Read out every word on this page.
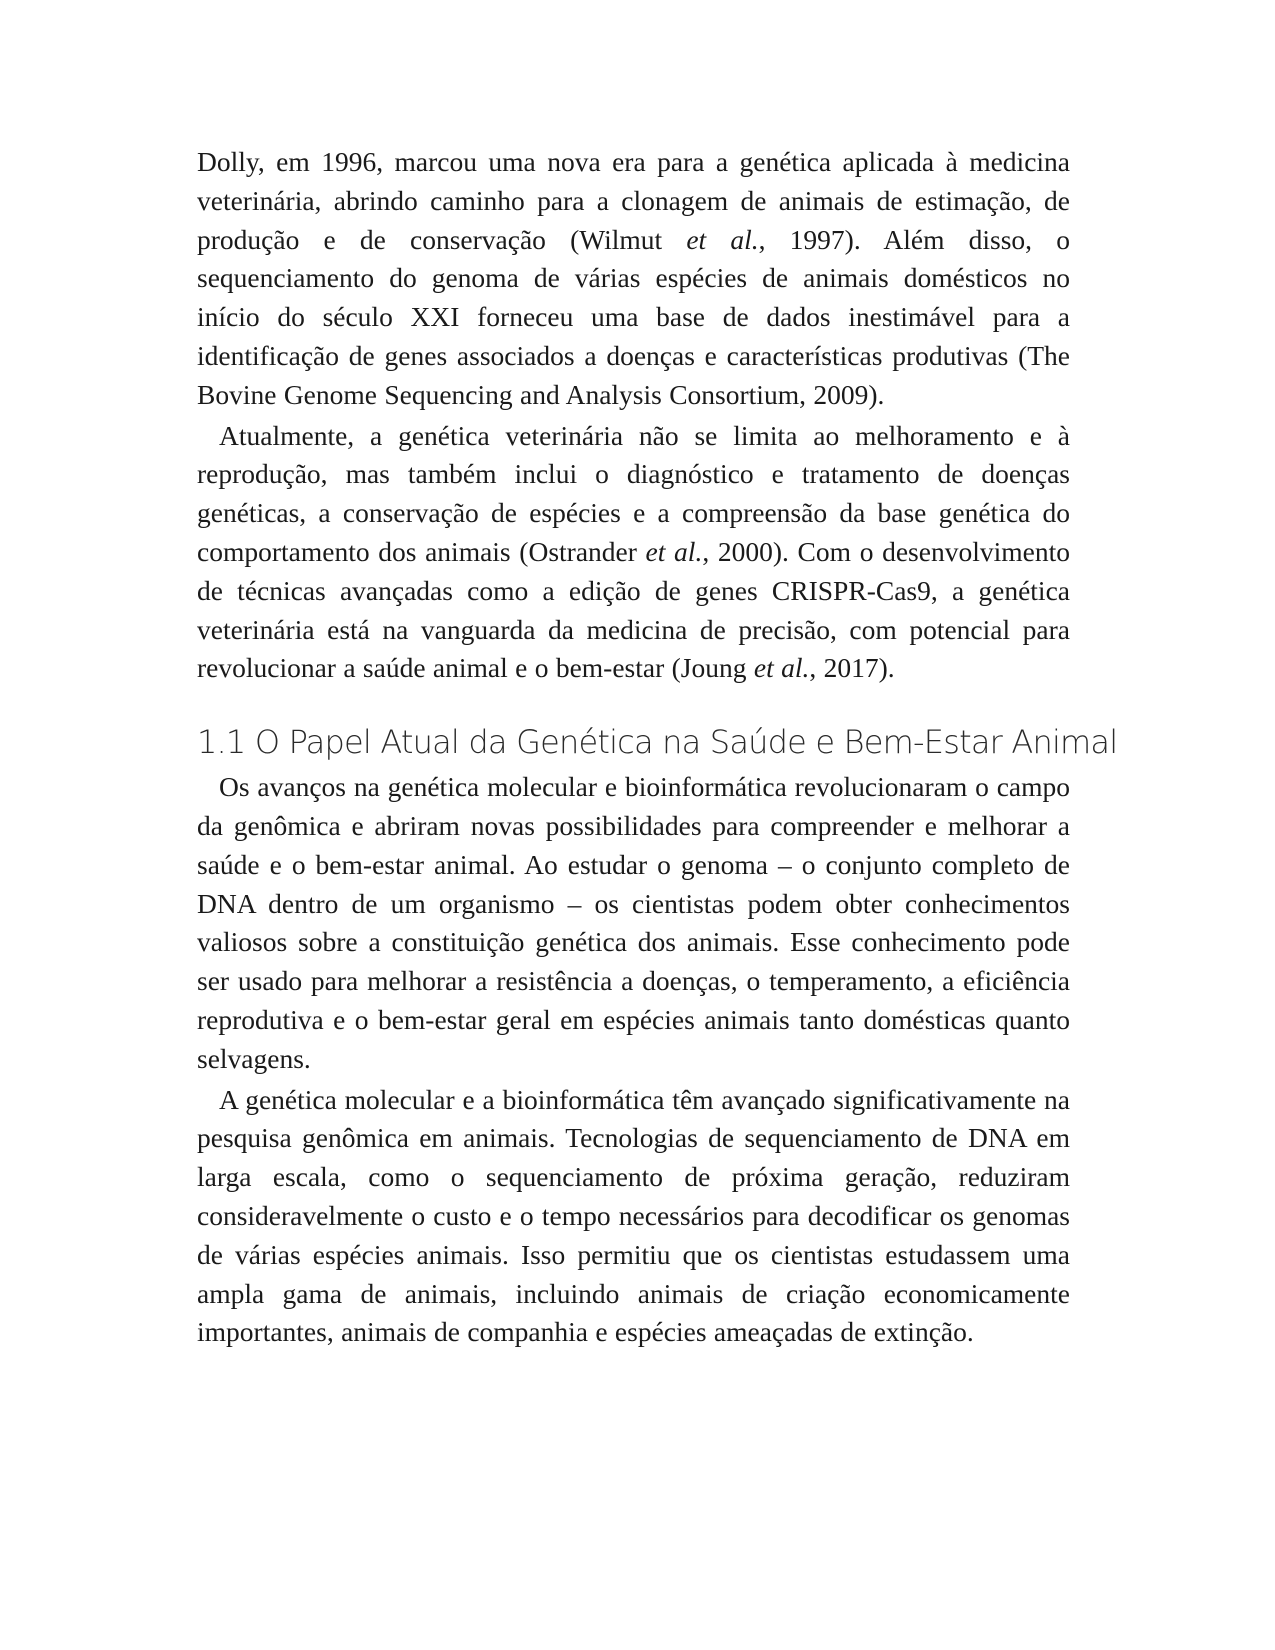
Dolly, em 1996, marcou uma nova era para a genética aplicada à medicina veterinária, abrindo caminho para a clonagem de animais de estimação, de produção e de conservação (Wilmut et al., 1997). Além disso, o sequenciamento do genoma de várias espécies de animais domésticos no início do século XXI forneceu uma base de dados inestimável para a identificação de genes associados a doenças e características produtivas (The Bovine Genome Sequencing and Analysis Consortium, 2009).

Atualmente, a genética veterinária não se limita ao melhoramento e à reprodução, mas também inclui o diagnóstico e tratamento de doenças genéticas, a conservação de espécies e a compreensão da base genética do comportamento dos animais (Ostrander et al., 2000). Com o desenvolvimento de técnicas avançadas como a edição de genes CRISPR-Cas9, a genética veterinária está na vanguarda da medicina de precisão, com potencial para revolucionar a saúde animal e o bem-estar (Joung et al., 2017).

1.1 O Papel Atual da Genética na Saúde e Bem-Estar Animal

Os avanços na genética molecular e bioinformática revolucionaram o campo da genômica e abriram novas possibilidades para compreender e melhorar a saúde e o bem-estar animal. Ao estudar o genoma – o conjunto completo de DNA dentro de um organismo – os cientistas podem obter conhecimentos valiosos sobre a constituição genética dos animais. Esse conhecimento pode ser usado para melhorar a resistência a doenças, o temperamento, a eficiência reprodutiva e o bem-estar geral em espécies animais tanto domésticas quanto selvagens.

A genética molecular e a bioinformática têm avançado significativamente na pesquisa genômica em animais. Tecnologias de sequenciamento de DNA em larga escala, como o sequenciamento de próxima geração, reduziram consideravelmente o custo e o tempo necessários para decodificar os genomas de várias espécies animais. Isso permitiu que os cientistas estudassem uma ampla gama de animais, incluindo animais de criação economicamente importantes, animais de companhia e espécies ameaçadas de extinção.
